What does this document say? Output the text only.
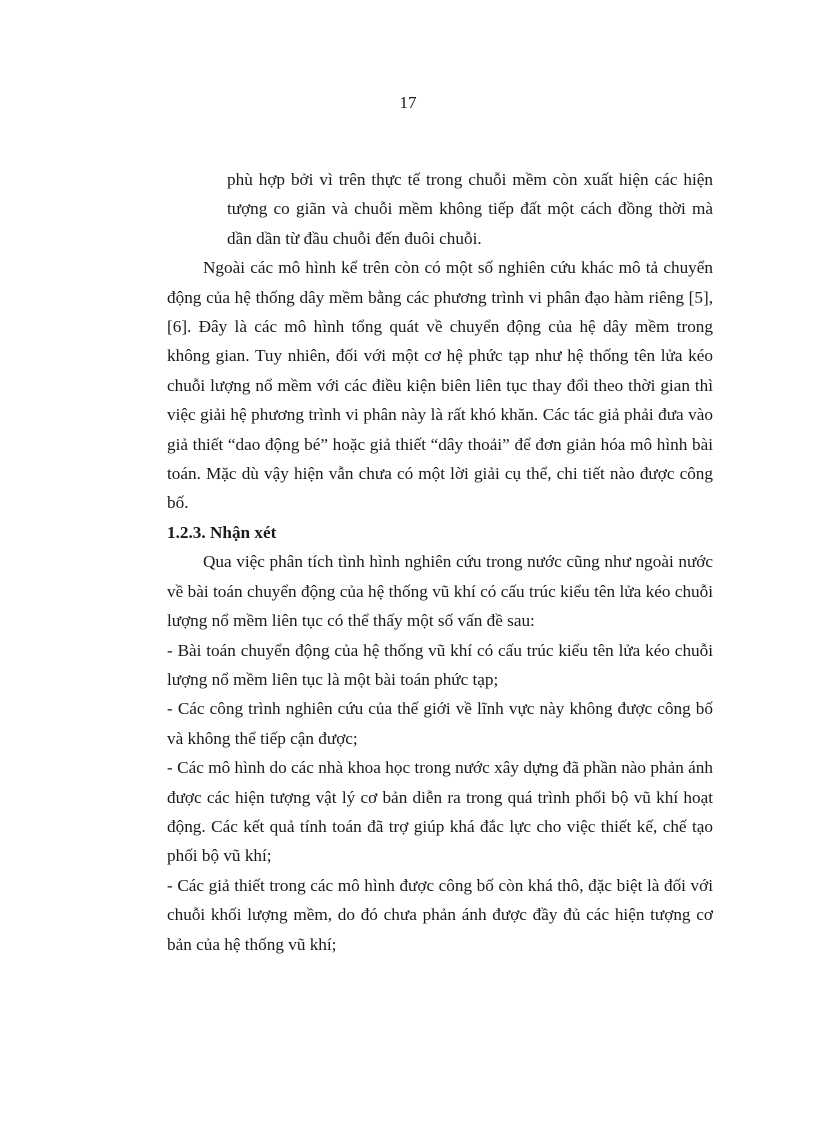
17

phù hợp bởi vì trên thực tế trong chuỗi mềm còn xuất hiện các hiện tượng co giãn và chuỗi mềm không tiếp đất một cách đồng thời mà dần dần từ đầu chuỗi đến đuôi chuỗi.

Ngoài các mô hình kể trên còn có một số nghiên cứu khác mô tả chuyển động của hệ thống dây mềm bằng các phương trình vi phân đạo hàm riêng [5], [6]. Đây là các mô hình tổng quát về chuyển động của hệ dây mềm trong không gian. Tuy nhiên, đối với một cơ hệ phức tạp như hệ thống tên lửa kéo chuỗi lượng nổ mềm với các điều kiện biên liên tục thay đổi theo thời gian thì việc giải hệ phương trình vi phân này là rất khó khăn. Các tác giả phải đưa vào giả thiết “dao động bé” hoặc giả thiết “dây thoải” để đơn giản hóa mô hình bài toán. Mặc dù vậy hiện vẫn chưa có một lời giải cụ thể, chi tiết nào được công bố.

1.2.3. Nhận xét

Qua việc phân tích tình hình nghiên cứu trong nước cũng như ngoài nước về bài toán chuyển động của hệ thống vũ khí có cấu trúc kiểu tên lửa kéo chuỗi lượng nổ mềm liên tục có thể thấy một số vấn đề sau:

- Bài toán chuyển động của hệ thống vũ khí có cấu trúc kiểu tên lửa kéo chuỗi lượng nổ mềm liên tục là một bài toán phức tạp;

- Các công trình nghiên cứu của thế giới về lĩnh vực này không được công bố và không thể tiếp cận được;

- Các mô hình do các nhà khoa học trong nước xây dựng đã phần nào phản ánh được các hiện tượng vật lý cơ bản diễn ra trong quá trình phối bộ vũ khí hoạt động. Các kết quả tính toán đã trợ giúp khá đắc lực cho việc thiết kế, chế tạo phối bộ vũ khí;

- Các giả thiết trong các mô hình được công bố còn khá thô, đặc biệt là đối với chuỗi khối lượng mềm, do đó chưa phản ánh được đầy đủ các hiện tượng cơ bản của hệ thống vũ khí;
